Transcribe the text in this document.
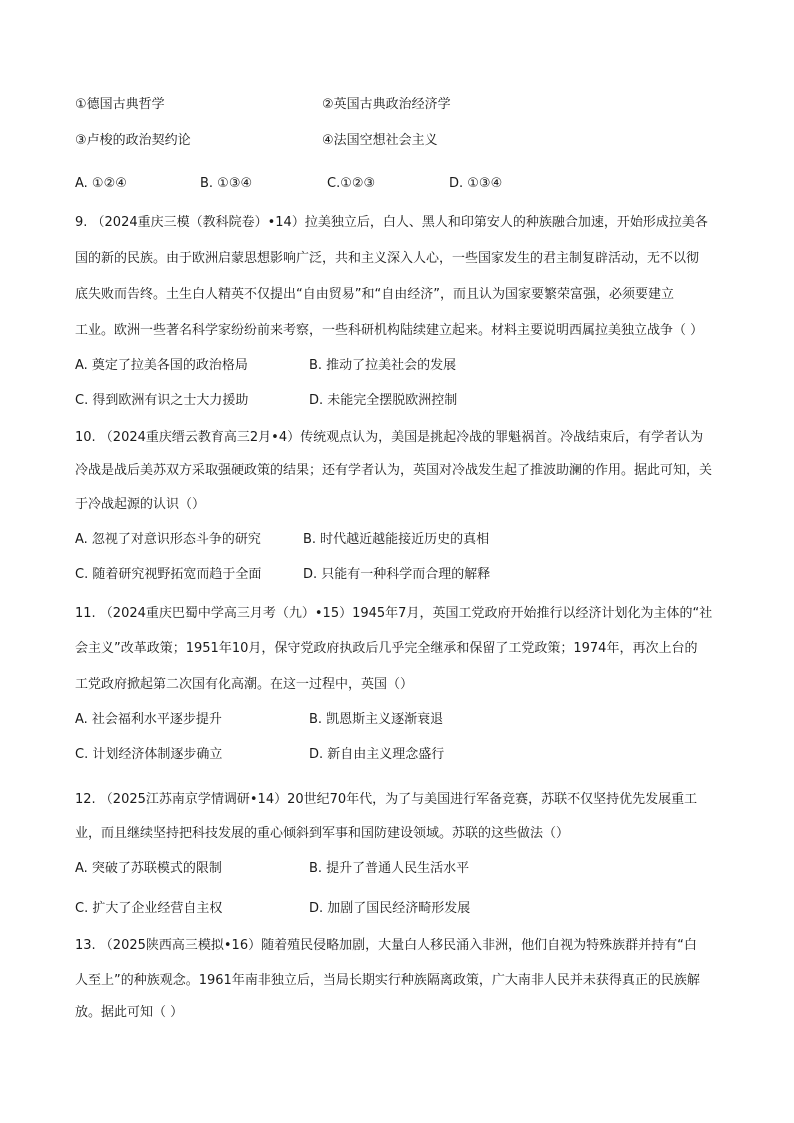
①德国古典哲学	②英国古典政治经济学
③卢梭的政治契约论	④法国空想社会主义
A. ①②④	B. ①③④	C.①②③	D. ①③④
9. （2024重庆三模（教科院卷）•14）拉美独立后，白人、黑人和印第安人的种族融合加速，开始形成拉美各
国的新的民族。由于欧洲启蒙思想影响广泛，共和主义深入人心，一些国家发生的君主制复辟活动，无不以彻
底失败而告终。土生白人精英不仅提出“自由贸易”和“自由经济”，而且认为国家要繁荣富强，必须要建立
工业。欧洲一些著名科学家纷纷前来考察，一些科研机构陆续建立起来。材料主要说明西属拉美独立战争（ ）
A. 奠定了拉美各国的政治格局	B. 推动了拉美社会的发展
C. 得到欧洲有识之士大力援助	D. 未能完全摆脱欧洲控制
10. （2024重庆缙云教育高三2月•4）传统观点认为，美国是挑起冷战的罪魁祸首。冷战结束后，有学者认为
冷战是战后美苏双方采取强硬政策的结果；还有学者认为，英国对冷战发生起了推波助澜的作用。据此可知，关
于冷战起源的认识（）
A. 忽视了对意识形态斗争的研究	B. 时代越近越能接近历史的真相
C. 随着研究视野拓宽而趋于全面	D. 只能有一种科学而合理的解释
11. （2024重庆巴蜀中学高三月考（九）•15）1945年7月，英国工党政府开始推行以经济计划化为主体的“社
会主义”改革政策；1951年10月，保守党政府执政后几乎完全继承和保留了工党政策；1974年，再次上台的
工党政府掀起第二次国有化高潮。在这一过程中，英国（）
A. 社会福利水平逐步提升	B. 凯恩斯主义逐渐衰退
C. 计划经济体制逐步确立	D. 新自由主义理念盛行
12. （2025江苏南京学情调研•14）20世纪70年代，为了与美国进行军备竞赛，苏联不仅坚持优先发展重工
业，而且继续坚持把科技发展的重心倾斜到军事和国防建设领域。苏联的这些做法（）
A. 突破了苏联模式的限制	B. 提升了普通人民生活水平
C. 扩大了企业经营自主权	D. 加剧了国民经济畸形发展
13. （2025陕西高三模拟•16）随着殖民侵略加剧，大量白人移民涌入非洲，他们自视为特殊族群并持有“白
人至上”的种族观念。1961年南非独立后，当局长期实行种族隔离政策，广大南非人民并未获得真正的民族解
放。据此可知（ ）
